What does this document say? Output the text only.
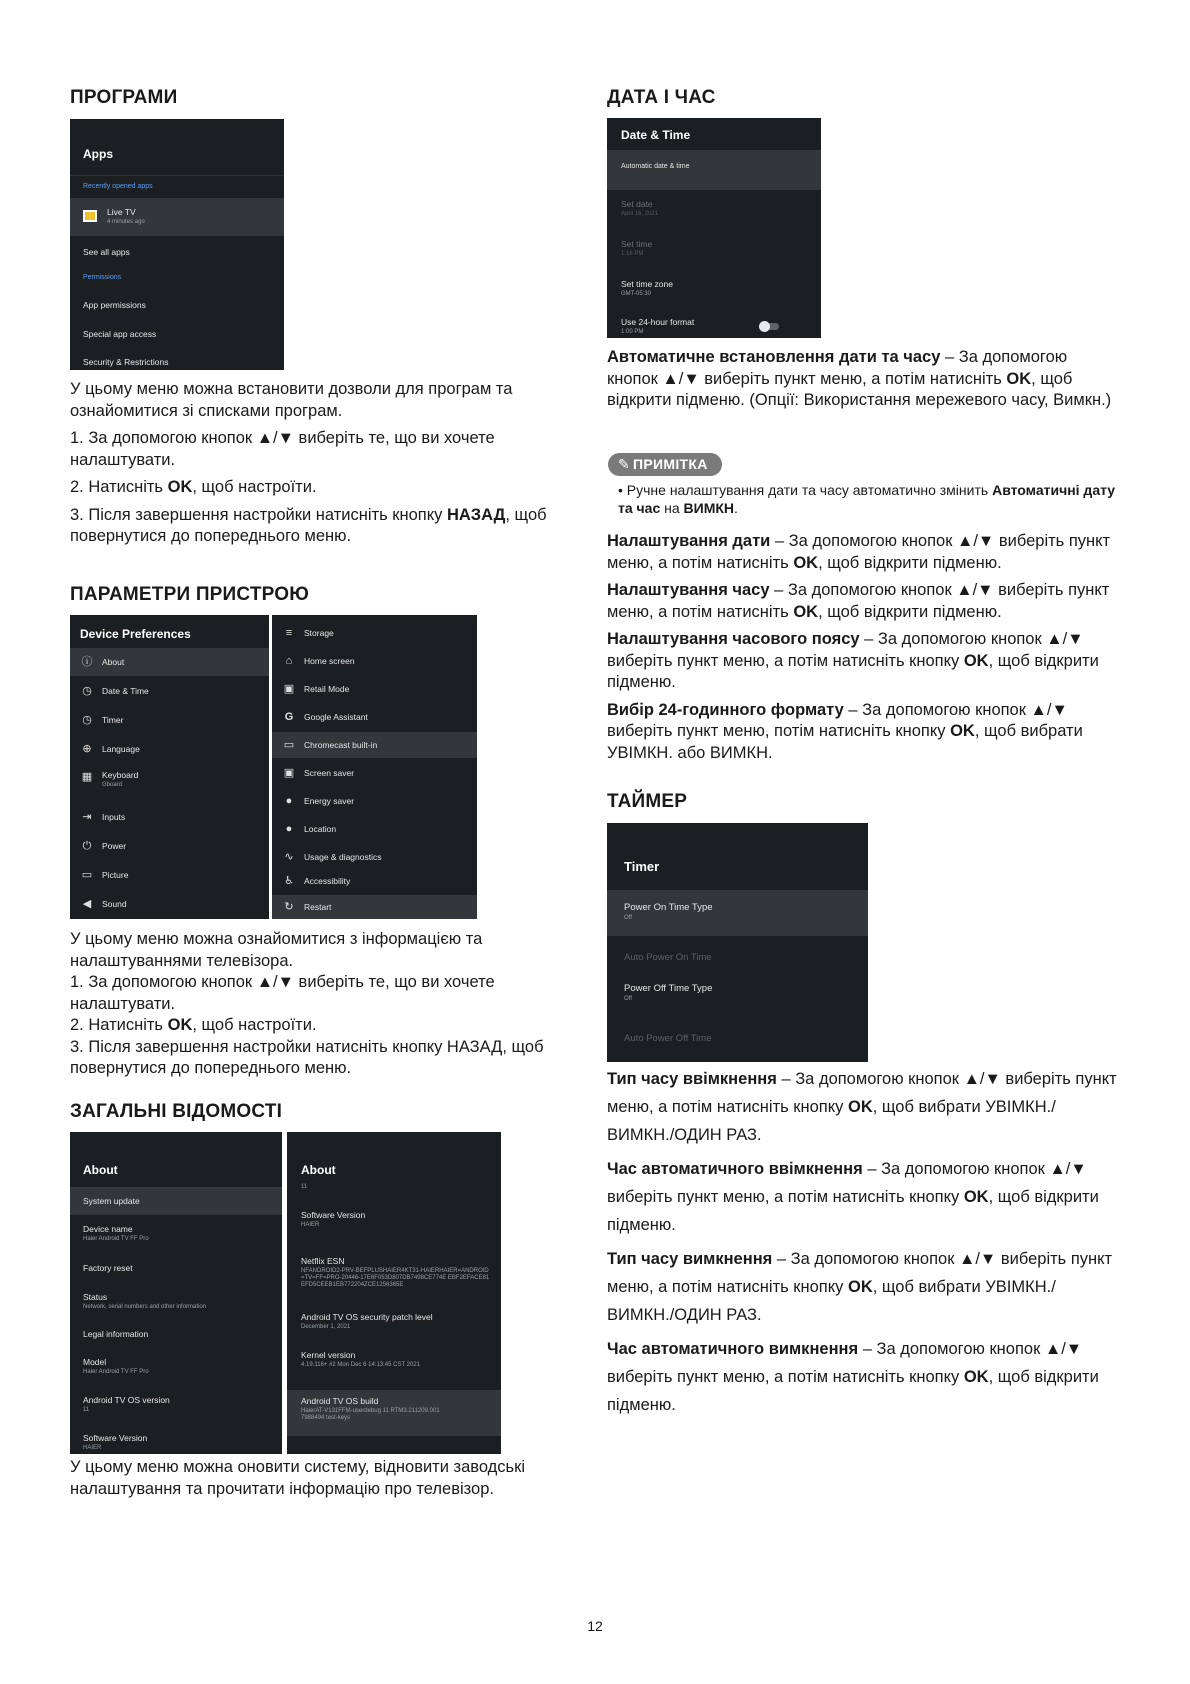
ПРОГРАМИ
Apps
Recently opened apps
Live TV
4 minutes ago
See all apps
Permissions
App permissions
Special app access
Security & Restrictions

У цьому меню можна встановити дозволи для програм та ознайомитися зі списками програм.

1. За допомогою кнопок ▲/▼ виберіть те, що ви хочете налаштувати.

2. Натисніть OK, щоб настроїти.

3. Після завершення настройки натисніть кнопку НАЗАД, щоб повернутися до попереднього меню.

ПАРАМЕТРИ ПРИСТРОЮ
Device Preferences
ⓘ About
◷ Date & Time
◷ Timer
⊕ Language
▦ Keyboard
Gboard
⇥ Inputs
⏻ Power
▭ Picture
◀ Sound
≡ Storage
⌂ Home screen
▣ Retail Mode
G Google Assistant
▭ Chromecast built-in
▣ Screen saver
● Energy saver
● Location
∿ Usage & diagnostics
♿ Accessibility
↻ Restart

У цьому меню можна ознайомитися з інформацією та налаштуваннями телевізора.

1. За допомогою кнопок ▲/▼ виберіть те, що ви хочете налаштувати.

2. Натисніть OK, щоб настроїти.

3. Після завершення настройки натисніть кнопку НАЗАД, щоб повернутися до попереднього меню.

ЗАГАЛЬНІ ВІДОМОСТІ
About
System update
Device name
Haier Android TV FF Pro
Factory reset
Status
Network, serial numbers and other information
Legal information
Model
Haier Android TV FF Pro
Android TV OS version
11
Software Version
HAIER
About
11
Software Version
HAIER
Netflix ESN
NFANDROID2-PRV-BEFPLUSHAIER4KT31-HAIERHAIER=ANDROID=TV=FF=PRO-20446-17E6F053D807DB7498CE774E EBF2EFACE81EFD5CEEB1EB772204ZCE1256365E
Android TV OS security patch level
December 1, 2021
Kernel version
4.19.116+ #2 Mon Dec 6 14:13:45 CST 2021
Android TV OS build
HaierAT-V131FFM-userdebug 11 RTM3.211209.001 7988494 test-keys

У цьому меню можна оновити систему, відновити заводські налаштування та прочитати інформацію про телевізор.

ДАТА І ЧАС
Date & Time
Automatic date & time
Set date
April 16, 2021
Set time
1:16 PM
Set time zone
GMT-05:30
Use 24-hour format
1:00 PM

Автоматичне встановлення дати та часу – За допомогою кнопок ▲/▼ виберіть пункт меню, а потім натисніть OK, щоб відкрити підменю. (Опції: Використання мережевого часу, Вимкн.)

✎ ПРИМІТКА
• Ручне налаштування дати та часу автоматично змінить Автоматичні дату та час на ВИМКН.

Налаштування дати – За допомогою кнопок ▲/▼ виберіть пункт меню, а потім натисніть OK, щоб відкрити підменю.

Налаштування часу – За допомогою кнопок ▲/▼ виберіть пункт меню, а потім натисніть OK, щоб відкрити підменю.

Налаштування часового поясу – За допомогою кнопок ▲/▼ виберіть пункт меню, а потім натисніть кнопку OK, щоб відкрити підменю.

Вибір 24-годинного формату – За допомогою кнопок ▲/▼ виберіть пункт меню, потім натисніть кнопку OK, щоб вибрати УВІМКН. або ВИМКН.

ТАЙМЕР
Timer
Power On Time Type
Off
Auto Power On Time
Power Off Time Type
Off
Auto Power Off Time

Тип часу ввімкнення – За допомогою кнопок ▲/▼ виберіть пункт меню, а потім натисніть кнопку OK, щоб вибрати УВІМКН./ВИМКН./ОДИН РАЗ.

Час автоматичного ввімкнення – За допомогою кнопок ▲/▼ виберіть пункт меню, а потім натисніть кнопку OK, щоб відкрити підменю.

Тип часу вимкнення – За допомогою кнопок ▲/▼ виберіть пункт меню, а потім натисніть кнопку OK, щоб вибрати УВІМКН./ВИМКН./ОДИН РАЗ.

Час автоматичного вимкнення – За допомогою кнопок ▲/▼ виберіть пункт меню, а потім натисніть кнопку OK, щоб відкрити підменю.

12
